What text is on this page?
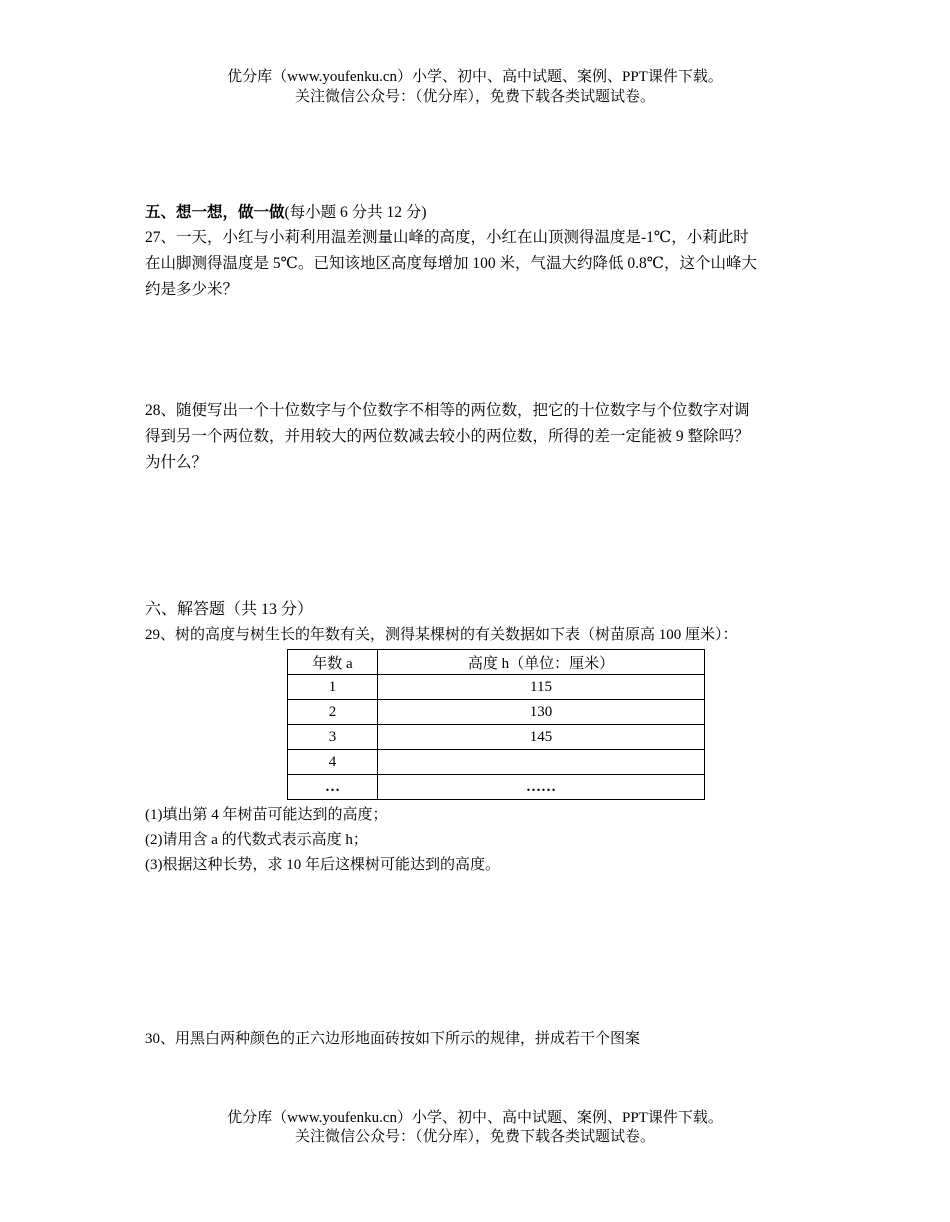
优分库（www.youfenku.cn）小学、初中、高中试题、案例、PPT课件下载。
关注微信公众号：（优分库），免费下载各类试题试卷。
五、想一想，做一做(每小题 6 分共 12 分)
27、一天，小红与小莉利用温差测量山峰的高度，小红在山顶测得温度是-1℃，小莉此时
在山脚测得温度是 5℃。已知该地区高度每增加 100 米，气温大约降低 0.8℃，这个山峰大
约是多少米？
28、随便写出一个十位数字与个位数字不相等的两位数，把它的十位数字与个位数字对调
得到另一个两位数，并用较大的两位数减去较小的两位数，所得的差一定能被 9 整除吗？
为什么？
六、解答题（共 13 分）
29、树的高度与树生长的年数有关，测得某棵树的有关数据如下表（树苗原高 100 厘米）：
年数 a	高度 h（单位：厘米）
1	115
2	130
3	145
4	
…	……
(1)填出第 4 年树苗可能达到的高度；
(2)请用含 a 的代数式表示高度 h；
(3)根据这种长势，求 10 年后这棵树可能达到的高度。
30、用黑白两种颜色的正六边形地面砖按如下所示的规律，拼成若干个图案
优分库（www.youfenku.cn）小学、初中、高中试题、案例、PPT课件下载。
关注微信公众号：（优分库），免费下载各类试题试卷。
